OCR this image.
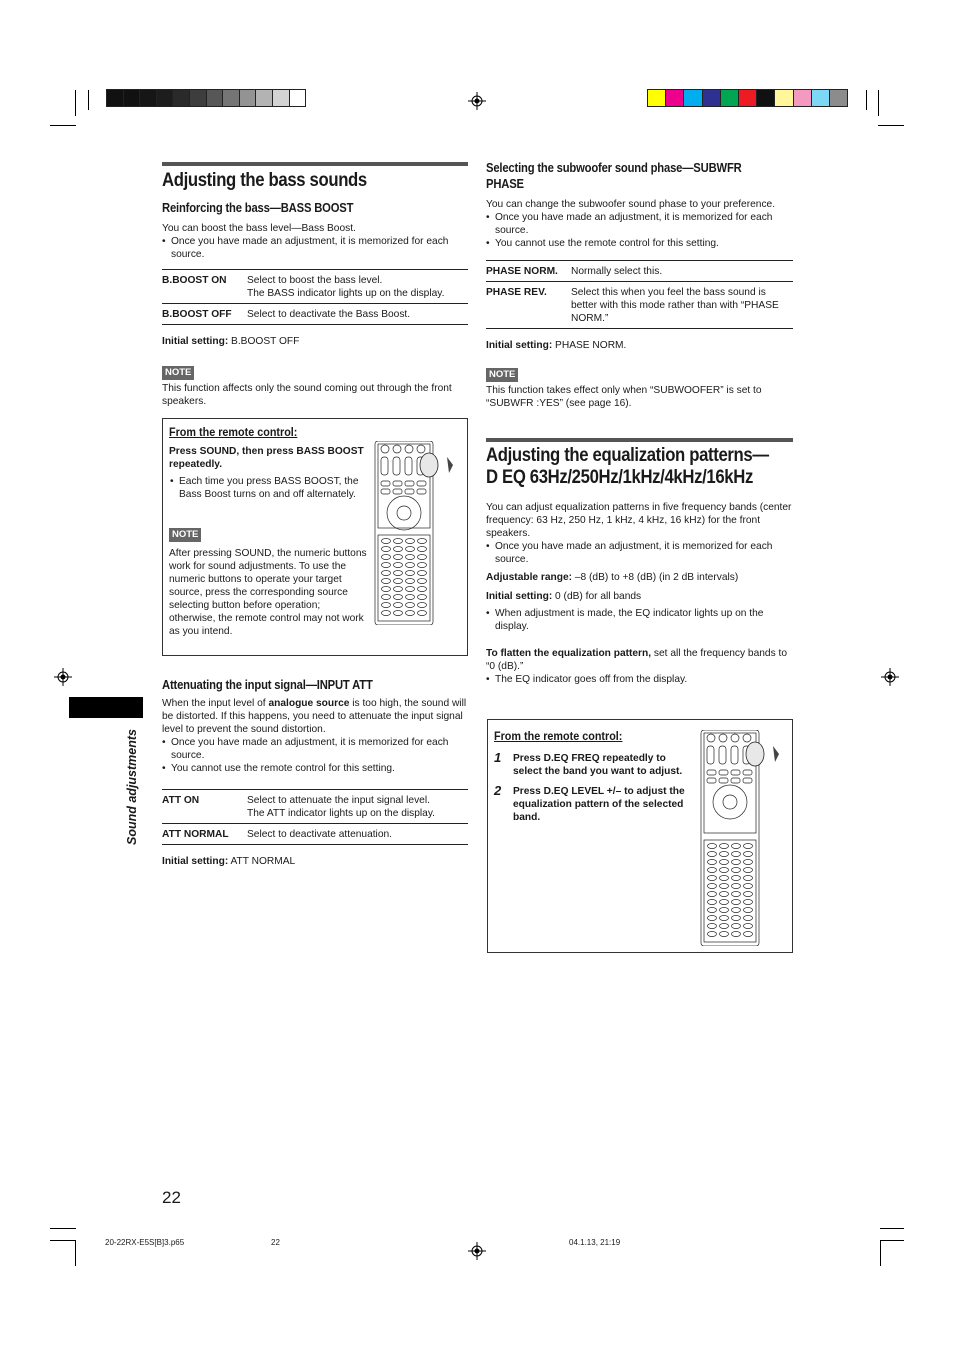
Sound adjustments
Adjusting the bass sounds
Reinforcing the bass—BASS BOOST

You can boost the bass level—Bass Boost.

• Once you have made an adjustment, it is memorized for each source.
B.BOOST ON	Select to boost the bass level.
The BASS indicator lights up on the display.

B.BOOST OFF	Select to deactivate the Bass Boost.

Initial setting: B.BOOST OFF

NOTE

This function affects only the sound coming out through the front speakers.

From the remote control:

Press SOUND, then press BASS BOOST repeatedly.

• Each time you press BASS BOOST, the Bass Boost turns on and off alternately.
NOTE

After pressing SOUND, the numeric buttons work for sound adjustments. To use the numeric buttons to operate your target source, press the corresponding source selecting button before operation; otherwise, the remote control may not work as you intend.

Attenuating the input signal—INPUT ATT

When the input level of analogue source is too high, the sound will be distorted. If this happens, you need to attenuate the input signal level to prevent the sound distortion.

• Once you have made an adjustment, it is memorized for each source.
• You cannot use the remote control for this setting.
ATT ON	Select to attenuate the input signal level.
The ATT indicator lights up on the display.

ATT NORMAL	Select to deactivate attenuation.

Initial setting: ATT NORMAL

Selecting the subwoofer sound phase—SUBWFR
PHASE

You can change the subwoofer sound phase to your preference.

• Once you have made an adjustment, it is memorized for each source.
• You cannot use the remote control for this setting.
PHASE NORM.	Normally select this.
PHASE REV.	Select this when you feel the bass sound is better with this mode rather than with “PHASE NORM.”

Initial setting: PHASE NORM.

NOTE

This function takes effect only when “SUBWOOFER” is set to “SUBWFR :YES” (see page 16).

Adjusting the equalization patterns—
D EQ 63Hz/250Hz/1kHz/4kHz/16kHz

You can adjust equalization patterns in five frequency bands (center frequency: 63 Hz, 250 Hz, 1 kHz, 4 kHz, 16 kHz) for the front speakers.

• Once you have made an adjustment, it is memorized for each source.

Adjustable range: –8 (dB) to +8 (dB) (in 2 dB intervals)

Initial setting: 0 (dB) for all bands

• When adjustment is made, the EQ indicator lights up on the display.

To flatten the equalization pattern, set all the frequency bands to “0 (dB).”

• The EQ indicator goes off from the display.
From the remote control:
1 Press D.EQ FREQ repeatedly to select the band you want to adjust.
2 Press D.EQ LEVEL +/– to adjust the equalization pattern of the selected band.
22
20-22RX-E5S[B]3.p65	22	04.1.13, 21:19
